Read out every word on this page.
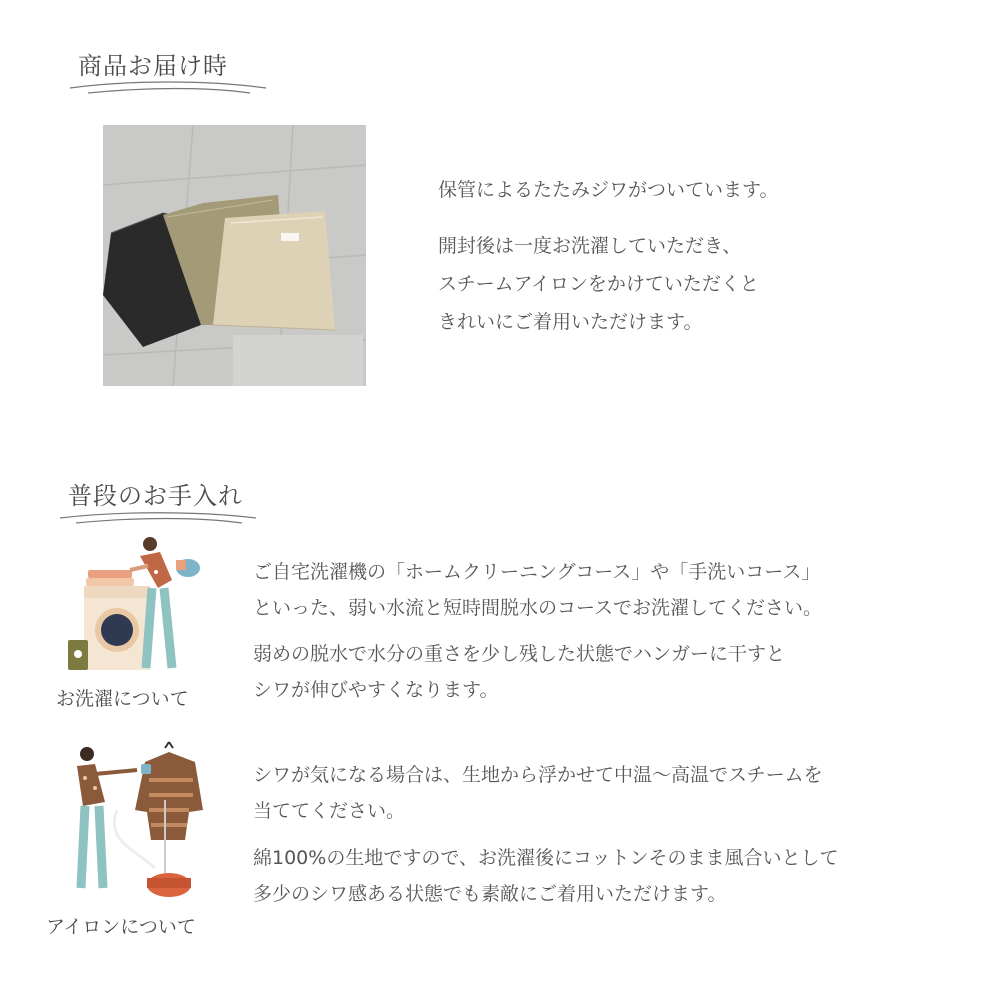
商品お届け時

保管によるたたみジワがついています。

開封後は一度お洗濯していただき、
スチームアイロンをかけていただくと
きれいにご着用いただけます。

普段のお手入れ
お洗濯について

ご自宅洗濯機の「ホームクリーニングコース」や「手洗いコース」
といった、弱い水流と短時間脱水のコースでお洗濯してください。

弱めの脱水で水分の重さを少し残した状態でハンガーに干すと
シワが伸びやすくなります。

アイロンについて

シワが気になる場合は、生地から浮かせて中温〜高温でスチームを
当ててください。

綿100%の生地ですので、お洗濯後にコットンそのまま風合いとして
多少のシワ感ある状態でも素敵にご着用いただけます。
